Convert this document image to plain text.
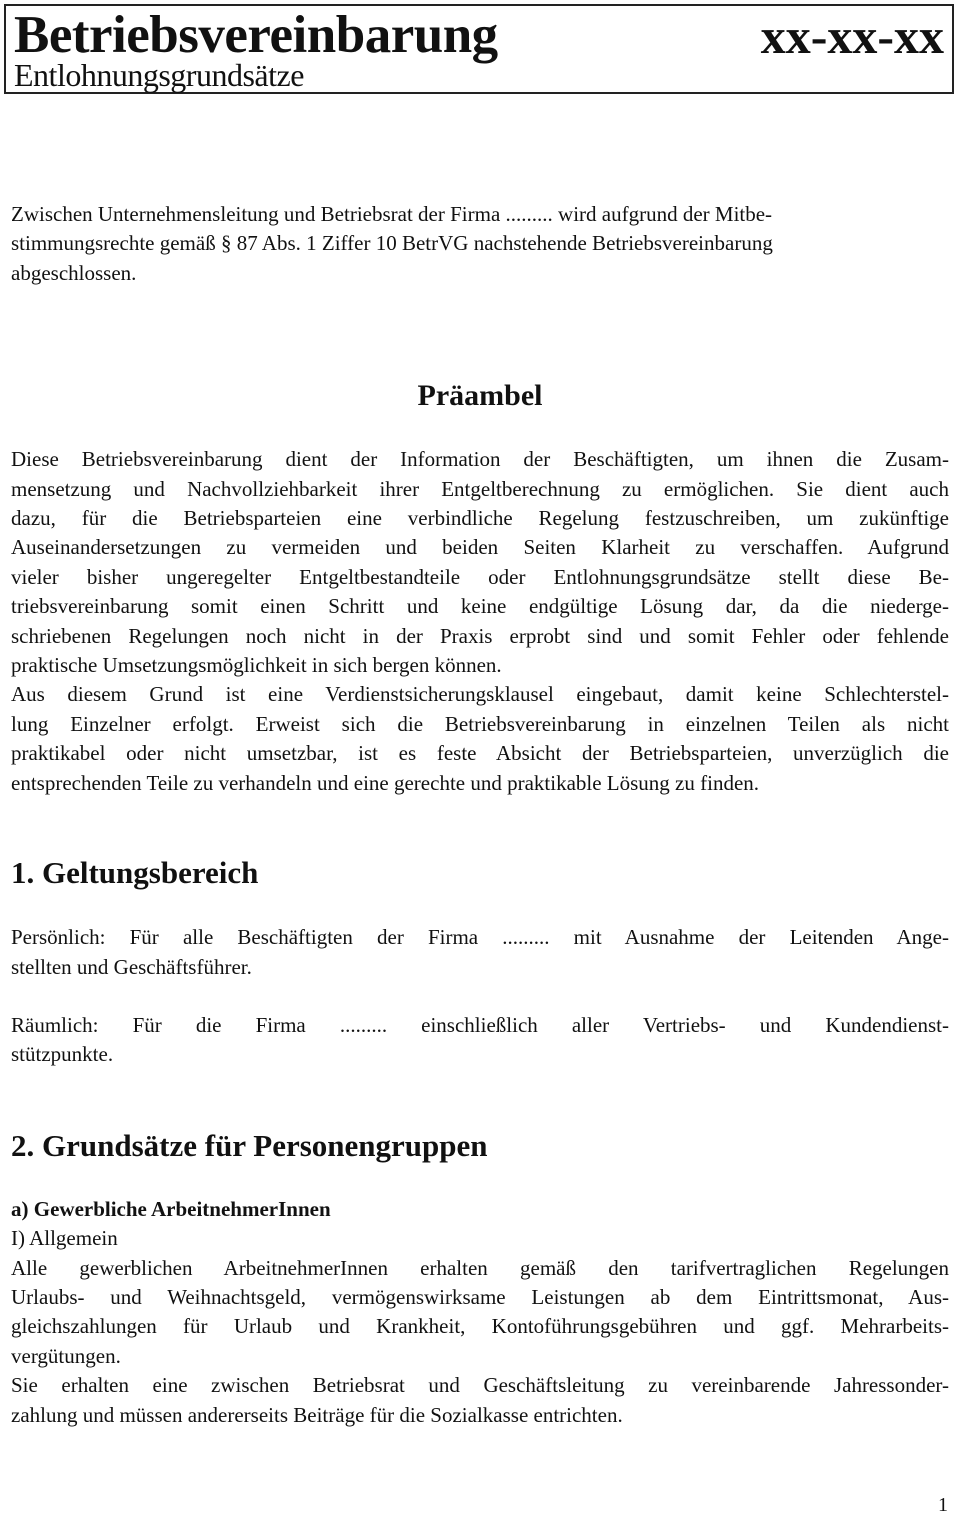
Betriebsvereinbarung	xx-xx-xx
Entlohnungsgrundsätze
Zwischen Unternehmensleitung und Betriebsrat der Firma ......... wird aufgrund der Mitbe-
stimmungsrechte gemäß § 87 Abs. 1 Ziffer 10 BetrVG nachstehende Betriebsvereinbarung
abgeschlossen.
Präambel
Diese Betriebsvereinbarung dient der Information der Beschäftigten, um ihnen die Zusam-
mensetzung und Nachvollziehbarkeit ihrer Entgeltberechnung zu ermöglichen. Sie dient auch
dazu, für die Betriebsparteien eine verbindliche Regelung festzuschreiben, um zukünftige
Auseinandersetzungen zu vermeiden und beiden Seiten Klarheit zu verschaffen. Aufgrund
vieler bisher ungeregelter Entgeltbestandteile oder Entlohnungsgrundsätze stellt diese Be-
triebsvereinbarung somit einen Schritt und keine endgültige Lösung dar, da die niederge-
schriebenen Regelungen noch nicht in der Praxis erprobt sind und somit Fehler oder fehlende
praktische Umsetzungsmöglichkeit in sich bergen können.
Aus diesem Grund ist eine Verdienstsicherungsklausel eingebaut, damit keine Schlechterstel-
lung Einzelner erfolgt. Erweist sich die Betriebsvereinbarung in einzelnen Teilen als nicht
praktikabel oder nicht umsetzbar, ist es feste Absicht der Betriebsparteien, unverzüglich die
entsprechenden Teile zu verhandeln und eine gerechte und praktikable Lösung zu finden.
1. Geltungsbereich
Persönlich: Für alle Beschäftigten der Firma ......... mit Ausnahme der Leitenden Ange-
stellten und Geschäftsführer.
Räumlich: Für die Firma ......... einschließlich aller Vertriebs- und Kundendienst-
stützpunkte.
2. Grundsätze für Personengruppen
a) Gewerbliche ArbeitnehmerInnen
I) Allgemein
Alle gewerblichen ArbeitnehmerInnen erhalten gemäß den tarifvertraglichen Regelungen
Urlaubs- und Weihnachtsgeld, vermögenswirksame Leistungen ab dem Eintrittsmonat, Aus-
gleichszahlungen für Urlaub und Krankheit, Kontoführungsgebühren und ggf. Mehrarbeits-
vergütungen.
Sie erhalten eine zwischen Betriebsrat und Geschäftsleitung zu vereinbarende Jahressonder-
zahlung und müssen andererseits Beiträge für die Sozialkasse entrichten.
1
